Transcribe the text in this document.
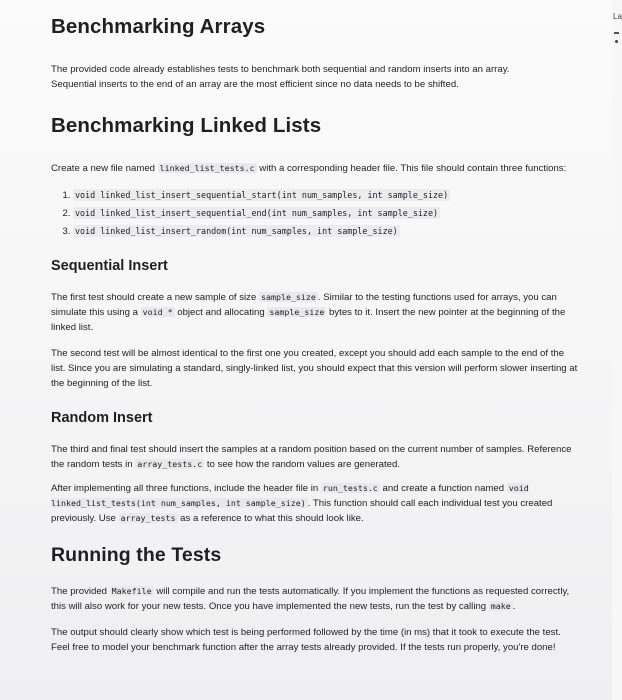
Benchmarking Arrays

The provided code already establishes tests to benchmark both sequential and random inserts into an array. Sequential inserts to the end of an array are the most efficient since no data needs to be shifted.

Benchmarking Linked Lists

Create a new file named linked_list_tests.c with a corresponding header file. This file should contain three functions:

1. void linked_list_insert_sequential_start(int num_samples, int sample_size)
2. void linked_list_insert_sequential_end(int num_samples, int sample_size)
3. void linked_list_insert_random(int num_samples, int sample_size)
Sequential Insert

The first test should create a new sample of size sample_size . Similar to the testing functions used for arrays, you can simulate this using a void * object and allocating sample_size bytes to it. Insert the new pointer at the beginning of the linked list.

The second test will be almost identical to the first one you created, except you should add each sample to the end of the list. Since you are simulating a standard, singly-linked list, you should expect that this version will perform slower inserting at the beginning of the list.

Random Insert

The third and final test should insert the samples at a random position based on the current number of samples. Reference the random tests in array_tests.c to see how the random values are generated.

After implementing all three functions, include the header file in run_tests.c and create a function named void linked_list_tests(int num_samples, int sample_size) . This function should call each individual test you created previously. Use array_tests as a reference to what this should look like.

Running the Tests

The provided Makefile will compile and run the tests automatically. If you implement the functions as requested correctly, this will also work for your new tests. Once you have implemented the new tests, run the test by calling make .

The output should clearly show which test is being performed followed by the time (in ms) that it took to execute the test. Feel free to model your benchmark function after the array tests already provided. If the tests run properly, you're done!

La
